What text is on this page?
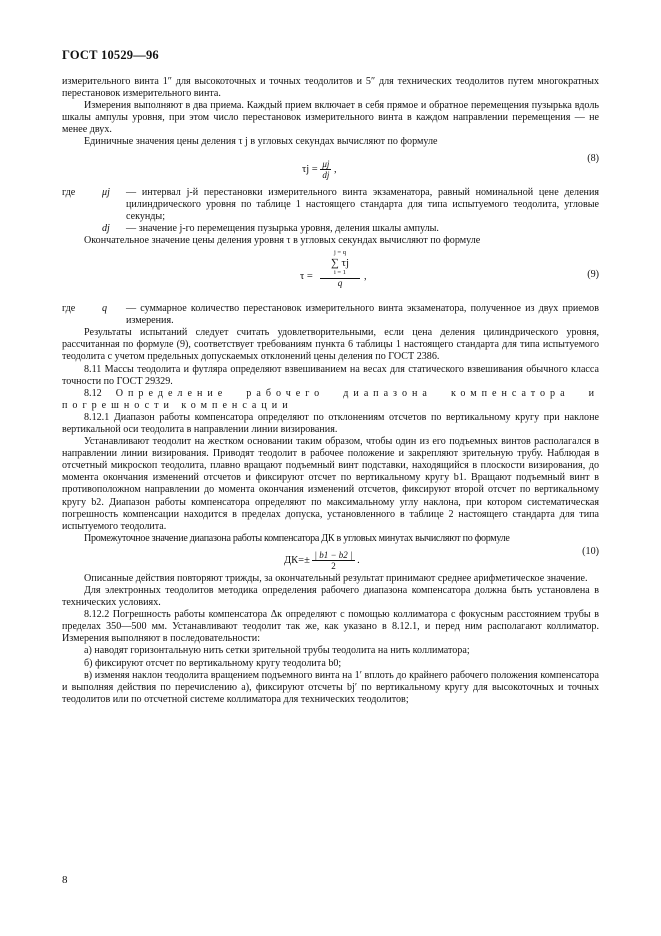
ГОСТ 10529—96

измерительного винта 1″ для высокоточных и точных теодолитов и 5″ для технических теодолитов путем многократных перестановок измерительного винта.

Измерения выполняют в два приема. Каждый прием включает в себя прямое и обратное перемещения пузырька вдоль шкалы ампулы уровня, при этом число перестановок измерительного винта в каждом направлении перемещения — не менее двух.

Единичные значения цены деления τ j в угловых секундах вычисляют по формуле

$\tau j = \frac{\mu j}{dj}$ ,
(8)
где	μj	— интервал j-й перестановки измерительного винта экзаменатора, равный номинальной цене деления цилиндрического уровня по таблице 1 настоящего стандарта для типа испытуемого теодолита, угловые секунды;
dj	— значение j-го перемещения пузырька уровня, деления шкалы ампулы.

Окончательное значение цены деления уровня τ в угловых секундах вычисляют по формуле

τ =
j = q
∑ τj
i = 1
q
,	(9)
где	q	— суммарное количество перестановок измерительного винта экзаменатора, полученное из двух приемов измерения.

Результаты испытаний следует считать удовлетворительными, если цена деления цилиндрического уровня, рассчитанная по формуле (9), соответствует требованиям пункта 6 таблицы 1 настоящего стандарта для типа испытуемого теодолита с учетом предельных допускаемых отклонений цены деления по ГОСТ 2386.

8.11 Массы теодолита и футляра определяют взвешиванием на весах для статического взвешивания обычного класса точности по ГОСТ 29329.

8.12 Определение рабочего диапазона компенсатора и погрешности компенсации

8.12.1 Диапазон работы компенсатора определяют по отклонениям отсчетов по вертикальному кругу при наклоне вертикальной оси теодолита в направлении линии визирования.

Устанавливают теодолит на жестком основании таким образом, чтобы один из его подъемных винтов располагался в направлении линии визирования. Приводят теодолит в рабочее положение и закрепляют зрительную трубу. Наблюдая в отсчетный микроскоп теодолита, плавно вращают подъемный винт подставки, находящийся в плоскости визирования, до момента окончания изменений отсчетов и фиксируют отсчет по вертикальному кругу b1. Вращают подъемный винт в противоположном направлении до момента окончания изменений отсчетов, фиксируют второй отсчет по вертикальному кругу b2. Диапазон работы компенсатора определяют по максимальному углу наклона, при котором систематическая погрешность компенсации находится в пределах допуска, установленного в таблице 2 настоящего стандарта для типа испытуемого теодолита.

Промежуточное значение диапазона работы компенсатора ДК в угловых минутах вычисляют по формуле

$ДК=\pm \frac{| b1 - b2 |}{2}$ .
(10)

Описанные действия повторяют трижды, за окончательный результат принимают среднее арифметическое значение.

Для электронных теодолитов методика определения рабочего диапазона компенсатора должна быть установлена в технических условиях.

8.12.2 Погрешность работы компенсатора Δк определяют с помощью коллиматора с фокусным расстоянием трубы в пределах 350—500 мм. Устанавливают теодолит так же, как указано в 8.12.1, и перед ним располагают коллиматор. Измерения выполняют в последовательности:

а) наводят горизонтальную нить сетки зрительной трубы теодолита на нить коллиматора;

б) фиксируют отсчет по вертикальному кругу теодолита b0;

в) изменяя наклон теодолита вращением подъемного винта на 1′ вплоть до крайнего рабочего положения компенсатора и выполняя действия по перечислению а), фиксируют отсчеты bj′ по вертикальному кругу для высокоточных и точных теодолитов или по отсчетной системе коллиматора для технических теодолитов;

8
